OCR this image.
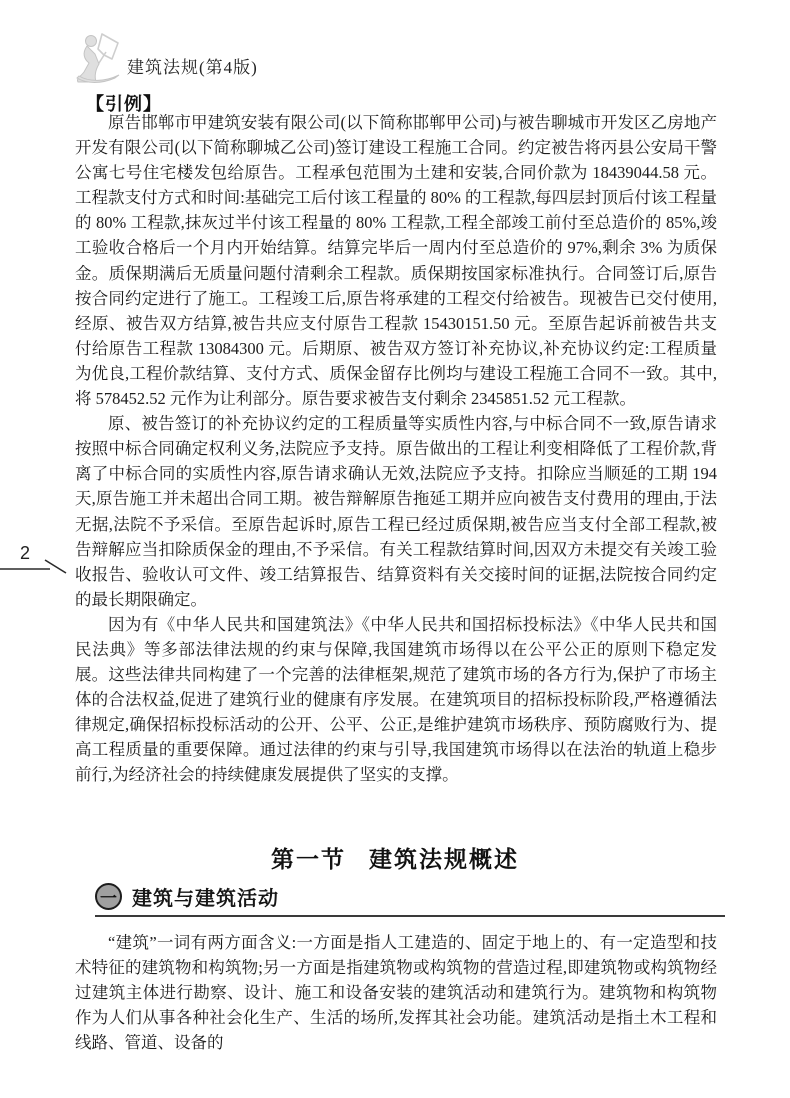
建筑法规(第4版)
【引例】

原告邯郸市甲建筑安装有限公司(以下简称邯郸甲公司)与被告聊城市开发区乙房地产开发有限公司(以下简称聊城乙公司)签订建设工程施工合同。约定被告将丙县公安局干警公寓七号住宅楼发包给原告。工程承包范围为土建和安装,合同价款为 18439044.58 元。工程款支付方式和时间:基础完工后付该工程量的 80% 的工程款,每四层封顶后付该工程量的 80% 工程款,抹灰过半付该工程量的 80% 工程款,工程全部竣工前付至总造价的 85%,竣工验收合格后一个月内开始结算。结算完毕后一周内付至总造价的 97%,剩余 3% 为质保金。质保期满后无质量问题付清剩余工程款。质保期按国家标准执行。合同签订后,原告按合同约定进行了施工。工程竣工后,原告将承建的工程交付给被告。现被告已交付使用,经原、被告双方结算,被告共应支付原告工程款 15430151.50 元。至原告起诉前被告共支付给原告工程款 13084300 元。后期原、被告双方签订补充协议,补充协议约定:工程质量为优良,工程价款结算、支付方式、质保金留存比例均与建设工程施工合同不一致。其中,将 578452.52 元作为让利部分。原告要求被告支付剩余 2345851.52 元工程款。

原、被告签订的补充协议约定的工程质量等实质性内容,与中标合同不一致,原告请求按照中标合同确定权利义务,法院应予支持。原告做出的工程让利变相降低了工程价款,背离了中标合同的实质性内容,原告请求确认无效,法院应予支持。扣除应当顺延的工期 194 天,原告施工并未超出合同工期。被告辩解原告拖延工期并应向被告支付费用的理由,于法无据,法院不予采信。至原告起诉时,原告工程已经过质保期,被告应当支付全部工程款,被告辩解应当扣除质保金的理由,不予采信。有关工程款结算时间,因双方未提交有关竣工验收报告、验收认可文件、竣工结算报告、结算资料有关交接时间的证据,法院按合同约定的最长期限确定。

因为有《中华人民共和国建筑法》《中华人民共和国招标投标法》《中华人民共和国民法典》等多部法律法规的约束与保障,我国建筑市场得以在公平公正的原则下稳定发展。这些法律共同构建了一个完善的法律框架,规范了建筑市场的各方行为,保护了市场主体的合法权益,促进了建筑行业的健康有序发展。在建筑项目的招标投标阶段,严格遵循法律规定,确保招标投标活动的公开、公平、公正,是维护建筑市场秩序、预防腐败行为、提高工程质量的重要保障。通过法律的约束与引导,我国建筑市场得以在法治的轨道上稳步前行,为经济社会的持续健康发展提供了坚实的支撑。

2
第一节 建筑法规概述
一 建筑与建筑活动

“建筑”一词有两方面含义:一方面是指人工建造的、固定于地上的、有一定造型和技术特征的建筑物和构筑物;另一方面是指建筑物或构筑物的营造过程,即建筑物或构筑物经过建筑主体进行勘察、设计、施工和设备安装的建筑活动和建筑行为。建筑物和构筑物作为人们从事各种社会化生产、生活的场所,发挥其社会功能。建筑活动是指土木工程和线路、管道、设备的
